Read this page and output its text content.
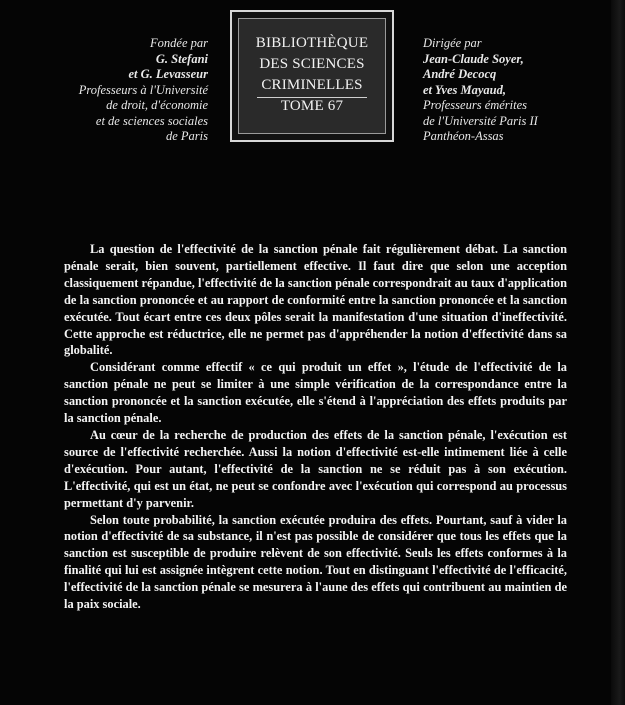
Fondée par
G. Stefani
et G. Levasseur
Professeurs à l'Université
de droit, d'économie
et de sciences sociales
de Paris
BIBLIOTHÈQUE
DES SCIENCES
CRIMINELLES
TOME 67
Dirigée par
Jean-Claude Soyer,
André Decocq
et Yves Mayaud,
Professeurs émérites
de l'Université Paris II
Panthéon-Assas

La question de l'effectivité de la sanction pénale fait régulièrement débat. La sanction pénale serait, bien souvent, partiellement effective. Il faut dire que selon une acception classiquement répandue, l'effectivité de la sanction pénale correspondrait au taux d'application de la sanction prononcée et au rapport de conformité entre la sanction prononcée et la sanction exécutée. Tout écart entre ces deux pôles serait la manifestation d'une situation d'ineffectivité. Cette approche est réductrice, elle ne permet pas d'appréhender la notion d'effectivité dans sa globalité.

Considérant comme effectif « ce qui produit un effet », l'étude de l'effectivité de la sanction pénale ne peut se limiter à une simple vérification de la correspondance entre la sanction prononcée et la sanction exécutée, elle s'étend à l'appréciation des effets produits par la sanction pénale.

Au cœur de la recherche de production des effets de la sanction pénale, l'exécution est source de l'effectivité recherchée. Aussi la notion d'effectivité est-elle intimement liée à celle d'exécution. Pour autant, l'effectivité de la sanction ne se réduit pas à son exécution. L'effectivité, qui est un état, ne peut se confondre avec l'exécution qui correspond au processus permettant d'y parvenir.

Selon toute probabilité, la sanction exécutée produira des effets. Pourtant, sauf à vider la notion d'effectivité de sa substance, il n'est pas possible de considérer que tous les effets que la sanction est susceptible de produire relèvent de son effectivité. Seuls les effets conformes à la finalité qui lui est assignée intègrent cette notion. Tout en distinguant l'effectivité de l'efficacité, l'effectivité de la sanction pénale se mesurera à l'aune des effets qui contribuent au maintien de la paix sociale.
